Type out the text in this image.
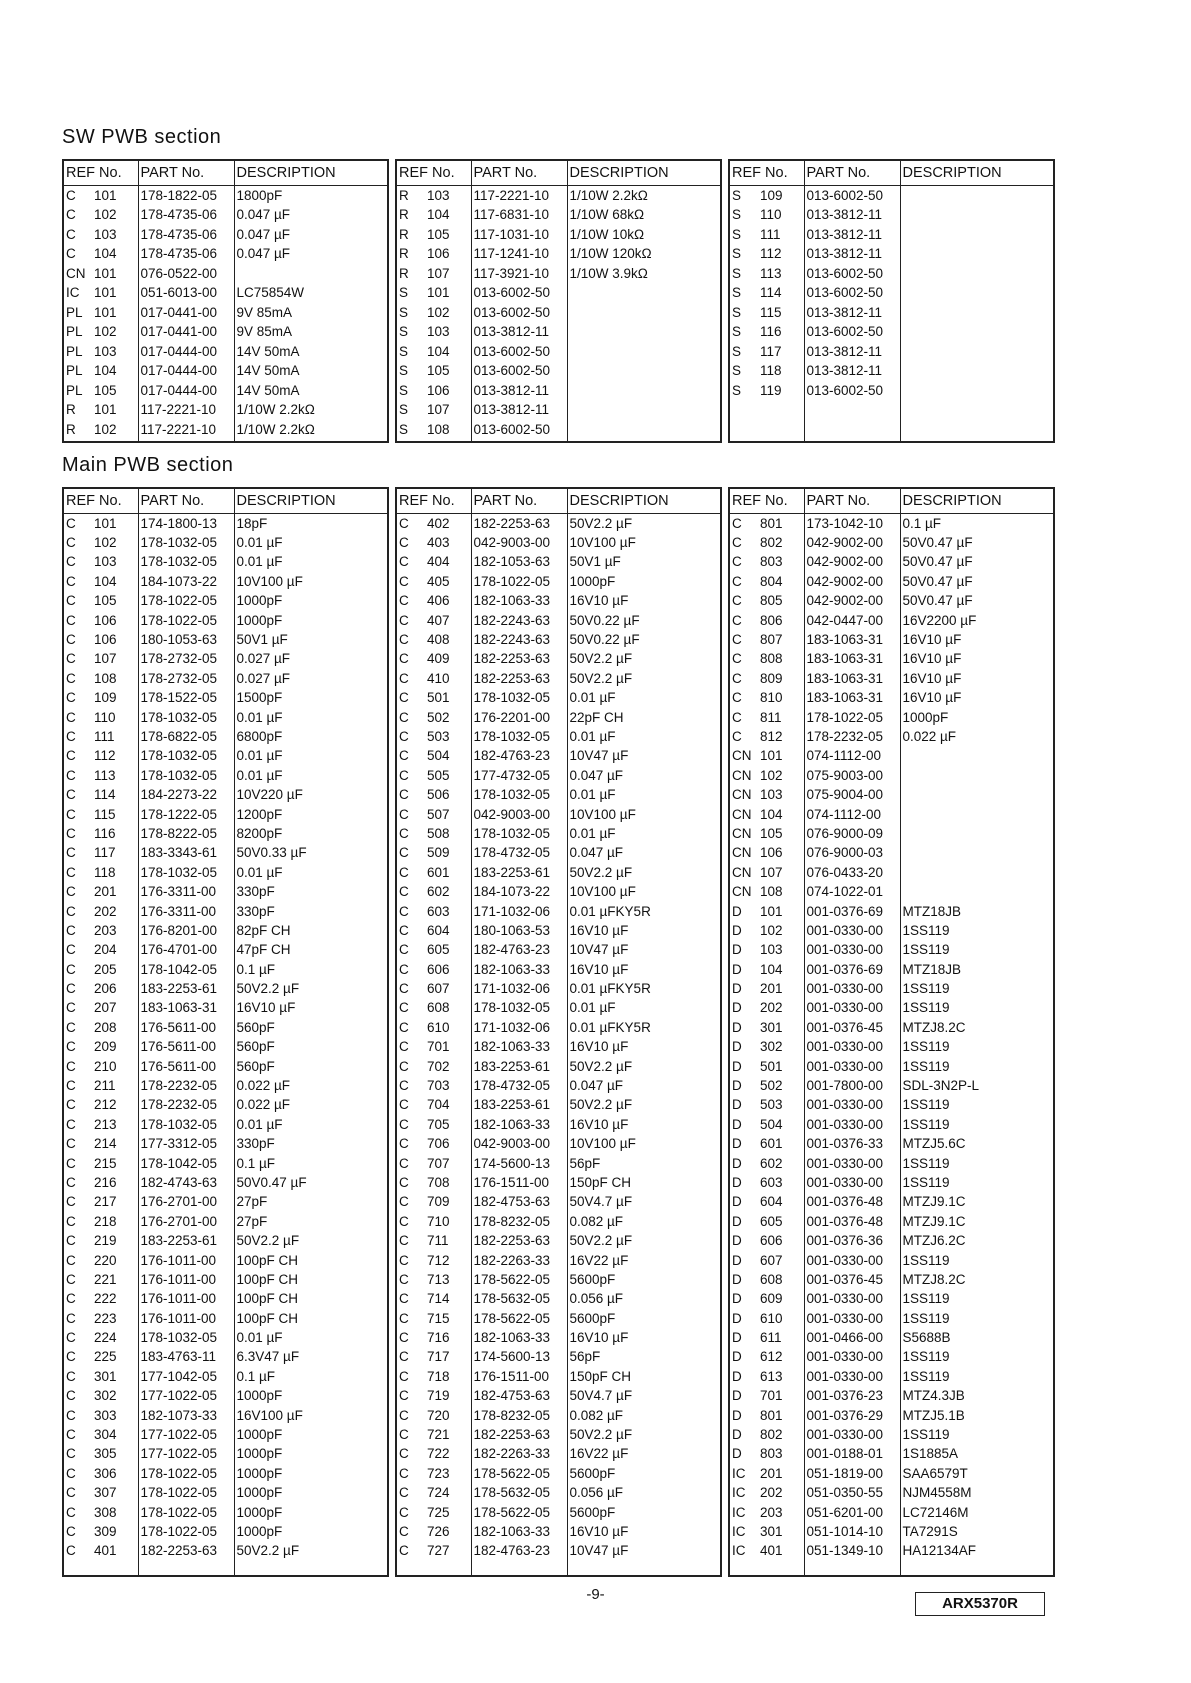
SW PWB section
REF No.	PART No.	DESCRIPTION
C 101	178-1822-05	1800pF
C 102	178-4735-06	0.047 µF
C 103	178-4735-06	0.047 µF
C 104	178-4735-06	0.047 µF
CN 101	076-0522-00	
IC 101	051-6013-00	LC75854W
PL 101	017-0441-00	9V 85mA
PL 102	017-0441-00	9V 85mA
PL 103	017-0444-00	14V 50mA
PL 104	017-0444-00	14V 50mA
PL 105	017-0444-00	14V 50mA
R 101	117-2221-10	1/10W 2.2kΩ
R 102	117-2221-10	1/10W 2.2kΩ

REF No.	PART No.	DESCRIPTION
R 103	117-2221-10	1/10W 2.2kΩ
R 104	117-6831-10	1/10W 68kΩ
R 105	117-1031-10	1/10W 10kΩ
R 106	117-1241-10	1/10W 120kΩ
R 107	117-3921-10	1/10W 3.9kΩ
S 101	013-6002-50	
S 102	013-6002-50	
S 103	013-3812-11	
S 104	013-6002-50	
S 105	013-6002-50	
S 106	013-3812-11	
S 107	013-3812-11	
S 108	013-6002-50	

REF No.	PART No.	DESCRIPTION
S 109	013-6002-50	
S 110	013-3812-11	
S 111	013-3812-11	
S 112	013-3812-11	
S 113	013-6002-50	
S 114	013-6002-50	
S 115	013-3812-11	
S 116	013-6002-50	
S 117	013-3812-11	
S 118	013-3812-11	
S 119	013-6002-50	

Main PWB section
REF No.	PART No.	DESCRIPTION
C 101	174-1800-13	18pF
C 102	178-1032-05	0.01 µF
C 103	178-1032-05	0.01 µF
C 104	184-1073-22	10V100 µF
C 105	178-1022-05	1000pF
C 106	178-1022-05	1000pF
C 106	180-1053-63	50V1 µF
C 107	178-2732-05	0.027 µF
C 108	178-2732-05	0.027 µF
C 109	178-1522-05	1500pF
C 110	178-1032-05	0.01 µF
C 111	178-6822-05	6800pF
C 112	178-1032-05	0.01 µF
C 113	178-1032-05	0.01 µF
C 114	184-2273-22	10V220 µF
C 115	178-1222-05	1200pF
C 116	178-8222-05	8200pF
C 117	183-3343-61	50V0.33 µF
C 118	178-1032-05	0.01 µF
C 201	176-3311-00	330pF
C 202	176-3311-00	330pF
C 203	176-8201-00	82pF CH
C 204	176-4701-00	47pF CH
C 205	178-1042-05	0.1 µF
C 206	183-2253-61	50V2.2 µF
C 207	183-1063-31	16V10 µF
C 208	176-5611-00	560pF
C 209	176-5611-00	560pF
C 210	176-5611-00	560pF
C 211	178-2232-05	0.022 µF
C 212	178-2232-05	0.022 µF
C 213	178-1032-05	0.01 µF
C 214	177-3312-05	330pF
C 215	178-1042-05	0.1 µF
C 216	182-4743-63	50V0.47 µF
C 217	176-2701-00	27pF
C 218	176-2701-00	27pF
C 219	183-2253-61	50V2.2 µF
C 220	176-1011-00	100pF CH
C 221	176-1011-00	100pF CH
C 222	176-1011-00	100pF CH
C 223	176-1011-00	100pF CH
C 224	178-1032-05	0.01 µF
C 225	183-4763-11	6.3V47 µF
C 301	177-1042-05	0.1 µF
C 302	177-1022-05	1000pF
C 303	182-1073-33	16V100 µF
C 304	177-1022-05	1000pF
C 305	177-1022-05	1000pF
C 306	178-1022-05	1000pF
C 307	178-1022-05	1000pF
C 308	178-1022-05	1000pF
C 309	178-1022-05	1000pF
C 401	182-2253-63	50V2.2 µF

REF No.	PART No.	DESCRIPTION
C 402	182-2253-63	50V2.2 µF
C 403	042-9003-00	10V100 µF
C 404	182-1053-63	50V1 µF
C 405	178-1022-05	1000pF
C 406	182-1063-33	16V10 µF
C 407	182-2243-63	50V0.22 µF
C 408	182-2243-63	50V0.22 µF
C 409	182-2253-63	50V2.2 µF
C 410	182-2253-63	50V2.2 µF
C 501	178-1032-05	0.01 µF
C 502	176-2201-00	22pF CH
C 503	178-1032-05	0.01 µF
C 504	182-4763-23	10V47 µF
C 505	177-4732-05	0.047 µF
C 506	178-1032-05	0.01 µF
C 507	042-9003-00	10V100 µF
C 508	178-1032-05	0.01 µF
C 509	178-4732-05	0.047 µF
C 601	183-2253-61	50V2.2 µF
C 602	184-1073-22	10V100 µF
C 603	171-1032-06	0.01 µFKY5R
C 604	180-1063-53	16V10 µF
C 605	182-4763-23	10V47 µF
C 606	182-1063-33	16V10 µF
C 607	171-1032-06	0.01 µFKY5R
C 608	178-1032-05	0.01 µF
C 610	171-1032-06	0.01 µFKY5R
C 701	182-1063-33	16V10 µF
C 702	183-2253-61	50V2.2 µF
C 703	178-4732-05	0.047 µF
C 704	183-2253-61	50V2.2 µF
C 705	182-1063-33	16V10 µF
C 706	042-9003-00	10V100 µF
C 707	174-5600-13	56pF
C 708	176-1511-00	150pF CH
C 709	182-4753-63	50V4.7 µF
C 710	178-8232-05	0.082 µF
C 711	182-2253-63	50V2.2 µF
C 712	182-2263-33	16V22 µF
C 713	178-5622-05	5600pF
C 714	178-5632-05	0.056 µF
C 715	178-5622-05	5600pF
C 716	182-1063-33	16V10 µF
C 717	174-5600-13	56pF
C 718	176-1511-00	150pF CH
C 719	182-4753-63	50V4.7 µF
C 720	178-8232-05	0.082 µF
C 721	182-2253-63	50V2.2 µF
C 722	182-2263-33	16V22 µF
C 723	178-5622-05	5600pF
C 724	178-5632-05	0.056 µF
C 725	178-5622-05	5600pF
C 726	182-1063-33	16V10 µF
C 727	182-4763-23	10V47 µF

REF No.	PART No.	DESCRIPTION
C 801	173-1042-10	0.1 µF
C 802	042-9002-00	50V0.47 µF
C 803	042-9002-00	50V0.47 µF
C 804	042-9002-00	50V0.47 µF
C 805	042-9002-00	50V0.47 µF
C 806	042-0447-00	16V2200 µF
C 807	183-1063-31	16V10 µF
C 808	183-1063-31	16V10 µF
C 809	183-1063-31	16V10 µF
C 810	183-1063-31	16V10 µF
C 811	178-1022-05	1000pF
C 812	178-2232-05	0.022 µF
CN 101	074-1112-00	
CN 102	075-9003-00	
CN 103	075-9004-00	
CN 104	074-1112-00	
CN 105	076-9000-09	
CN 106	076-9000-03	
CN 107	076-0433-20	
CN 108	074-1022-01	
D 101	001-0376-69	MTZ18JB
D 102	001-0330-00	1SS119
D 103	001-0330-00	1SS119
D 104	001-0376-69	MTZ18JB
D 201	001-0330-00	1SS119
D 202	001-0330-00	1SS119
D 301	001-0376-45	MTZJ8.2C
D 302	001-0330-00	1SS119
D 501	001-0330-00	1SS119
D 502	001-7800-00	SDL-3N2P-L
D 503	001-0330-00	1SS119
D 504	001-0330-00	1SS119
D 601	001-0376-33	MTZJ5.6C
D 602	001-0330-00	1SS119
D 603	001-0330-00	1SS119
D 604	001-0376-48	MTZJ9.1C
D 605	001-0376-48	MTZJ9.1C
D 606	001-0376-36	MTZJ6.2C
D 607	001-0330-00	1SS119
D 608	001-0376-45	MTZJ8.2C
D 609	001-0330-00	1SS119
D 610	001-0330-00	1SS119
D 611	001-0466-00	S5688B
D 612	001-0330-00	1SS119
D 613	001-0330-00	1SS119
D 701	001-0376-23	MTZ4.3JB
D 801	001-0376-29	MTZJ5.1B
D 802	001-0330-00	1SS119
D 803	001-0188-01	1S1885A
IC 201	051-1819-00	SAA6579T
IC 202	051-0350-55	NJM4558M
IC 203	051-6201-00	LC72146M
IC 301	051-1014-10	TA7291S
IC 401	051-1349-10	HA12134AF

-9-
ARX5370R
